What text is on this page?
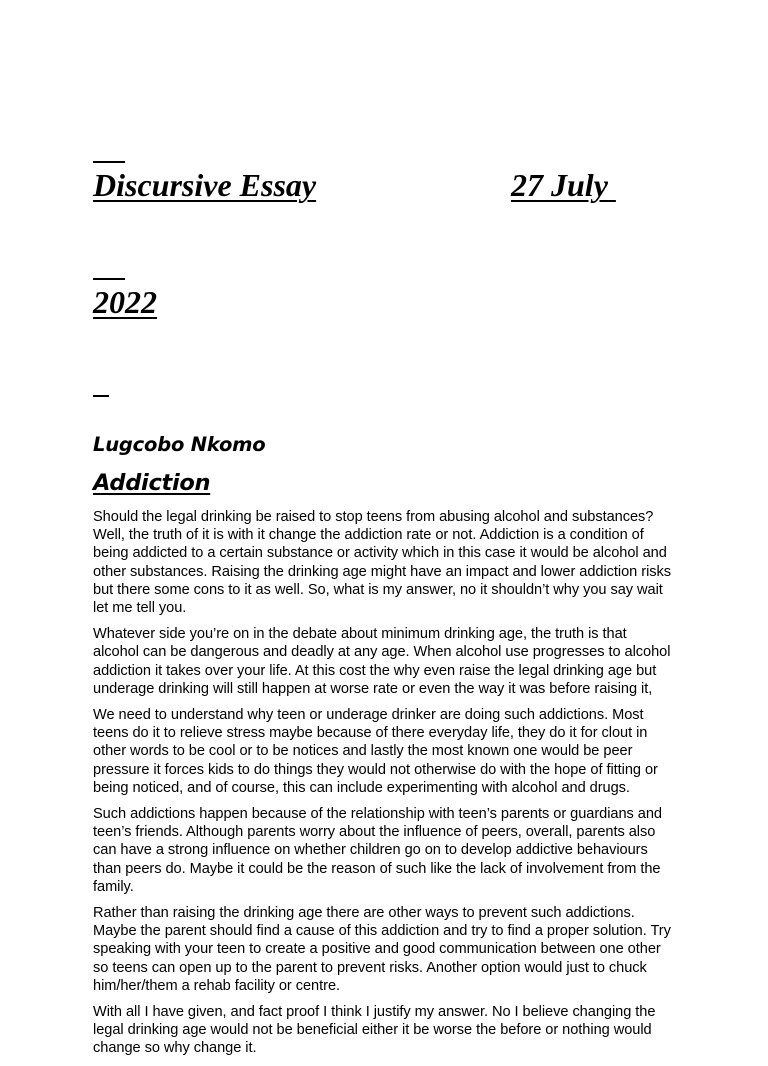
Discursive Essay	27 July

2022

Lugcobo Nkomo
Addiction

Should the legal drinking be raised to stop teens from abusing alcohol and substances? Well, the truth of it is with it change the addiction rate or not. Addiction is a condition of being addicted to a certain substance or activity which in this case it would be alcohol and other substances. Raising the drinking age might have an impact and lower addiction risks but there some cons to it as well. So, what is my answer, no it shouldn’t why you say wait let me tell you.

Whatever side you’re on in the debate about minimum drinking age, the truth is that alcohol can be dangerous and deadly at any age. When alcohol use progresses to alcohol addiction it takes over your life. At this cost the why even raise the legal drinking age but underage drinking will still happen at worse rate or even the way it was before raising it,

We need to understand why teen or underage drinker are doing such addictions. Most teens do it to relieve stress maybe because of there everyday life, they do it for clout in other words to be cool or to be notices and lastly the most known one would be peer pressure it forces kids to do things they would not otherwise do with the hope of fitting or being noticed, and of course, this can include experimenting with alcohol and drugs.

Such addictions happen because of the relationship with teen’s parents or guardians and teen’s friends. Although parents worry about the influence of peers, overall, parents also can have a strong influence on whether children go on to develop addictive behaviours than peers do. Maybe it could be the reason of such like the lack of involvement from the family.

Rather than raising the drinking age there are other ways to prevent such addictions. Maybe the parent should find a cause of this addiction and try to find a proper solution. Try speaking with your teen to create a positive and good communication between one other so teens can open up to the parent to prevent risks. Another option would just to chuck him/her/them a rehab facility or centre.

With all I have given, and fact proof I think I justify my answer. No I believe changing the legal drinking age would not be beneficial either it be worse the before or nothing would change so why change it.
